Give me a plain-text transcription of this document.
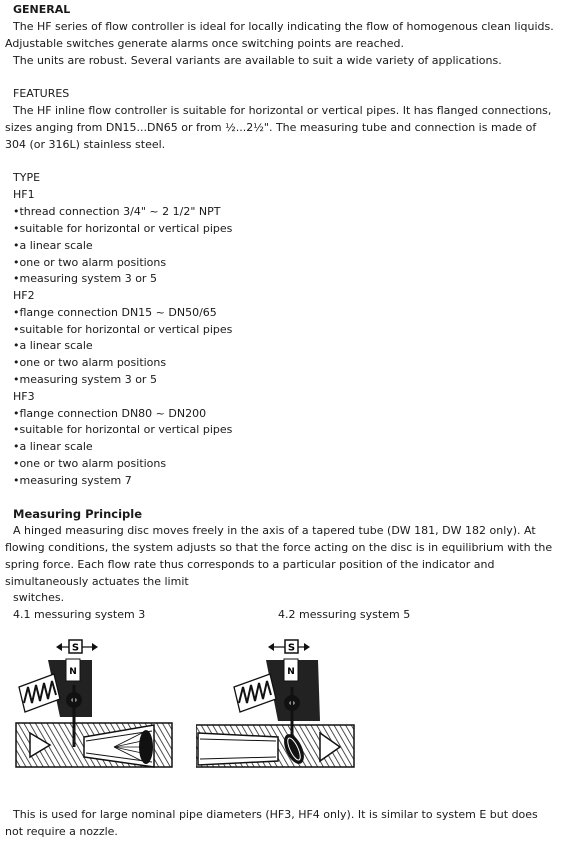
GENERAL
The HF series of flow controller is ideal for locally indicating the flow of homogenous clean liquids.
Adjustable switches generate alarms once switching points are reached.
The units are robust. Several variants are available to suit a wide variety of applications.
FEATURES
The HF inline flow controller is suitable for horizontal or vertical pipes. It has flanged connections,
sizes anging from DN15...DN65 or from ½...2½". The measuring tube and connection is made of
304 (or 316L) stainless steel.
TYPE
HF1
•thread connection 3/4" ~ 2 1/2" NPT
•suitable for horizontal or vertical pipes
•a linear scale
•one or two alarm positions
•measuring system 3 or 5
HF2
•flange connection DN15 ~ DN50/65
•suitable for horizontal or vertical pipes
•a linear scale
•one or two alarm positions
•measuring system 3 or 5
HF3
•flange connection DN80 ~ DN200
•suitable for horizontal or vertical pipes
•a linear scale
•one or two alarm positions
•measuring system 7
Measuring Principle
A hinged measuring disc moves freely in the axis of a tapered tube (DW 181, DW 182 only). At
flowing conditions, the system adjusts so that the force acting on the disc is in equilibrium with the
spring force. Each flow rate thus corresponds to a particular position of the indicator and
simultaneously actuates the limit
switches.
4.1 messuring system 3	4.2 messuring system 5
S
N
S
N
This is used for large nominal pipe diameters (HF3, HF4 only). It is similar to system E but does
not require a nozzle.
